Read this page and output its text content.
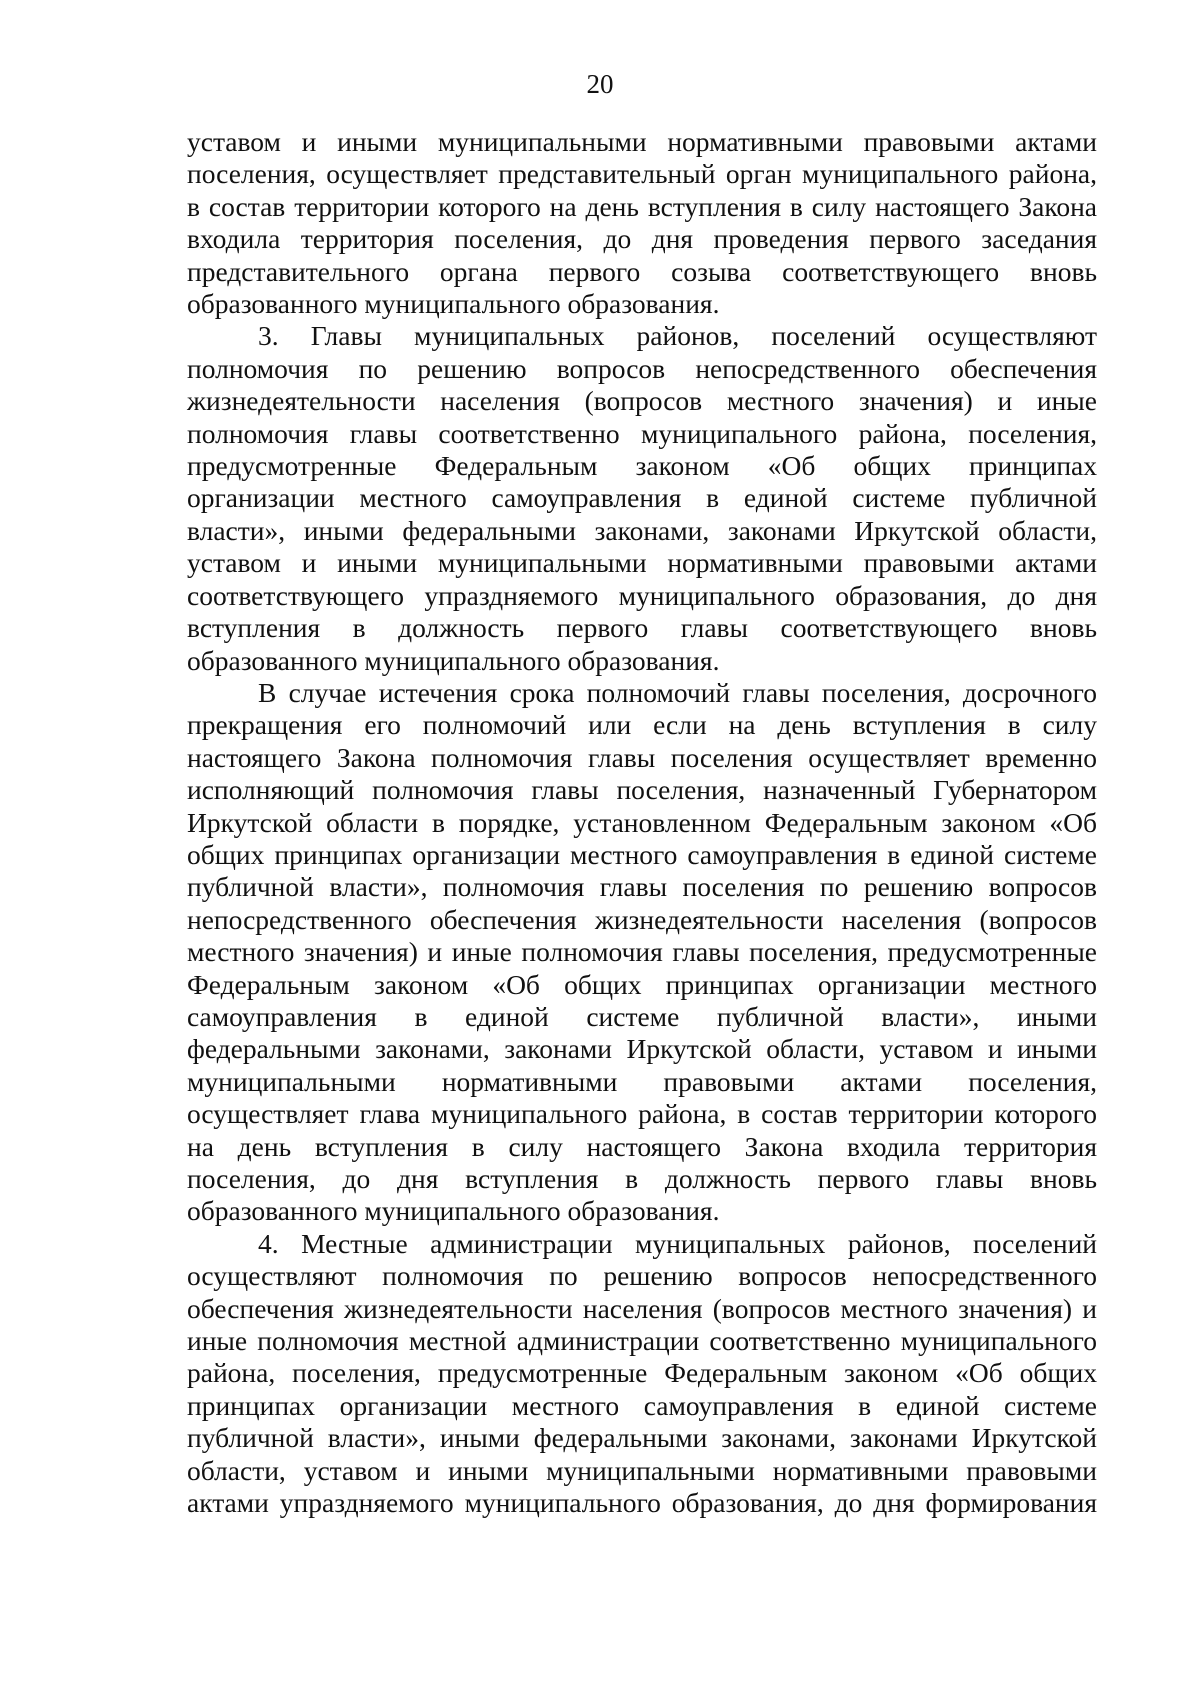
20

уставом и иными муниципальными нормативными правовыми актами
поселения, осуществляет представительный орган муниципального района,
в состав территории которого на день вступления в силу настоящего Закона
входила территория поселения, до дня проведения первого заседания
представительного органа первого созыва соответствующего вновь
образованного муниципального образования.

3. Главы муниципальных районов, поселений осуществляют
полномочия по решению вопросов непосредственного обеспечения
жизнедеятельности населения (вопросов местного значения) и иные
полномочия главы соответственно муниципального района, поселения,
предусмотренные Федеральным законом «Об общих принципах
организации местного самоуправления в единой системе публичной
власти», иными федеральными законами, законами Иркутской области,
уставом и иными муниципальными нормативными правовыми актами
соответствующего упраздняемого муниципального образования, до дня
вступления в должность первого главы соответствующего вновь
образованного муниципального образования.

В случае истечения срока полномочий главы поселения, досрочного
прекращения его полномочий или если на день вступления в силу
настоящего Закона полномочия главы поселения осуществляет временно
исполняющий полномочия главы поселения, назначенный Губернатором
Иркутской области в порядке, установленном Федеральным законом «Об
общих принципах организации местного самоуправления в единой системе
публичной власти», полномочия главы поселения по решению вопросов
непосредственного обеспечения жизнедеятельности населения (вопросов
местного значения) и иные полномочия главы поселения, предусмотренные
Федеральным законом «Об общих принципах организации местного
самоуправления в единой системе публичной власти», иными
федеральными законами, законами Иркутской области, уставом и иными
муниципальными нормативными правовыми актами поселения,
осуществляет глава муниципального района, в состав территории которого
на день вступления в силу настоящего Закона входила территория
поселения, до дня вступления в должность первого главы вновь
образованного муниципального образования.

4. Местные администрации муниципальных районов, поселений
осуществляют полномочия по решению вопросов непосредственного
обеспечения жизнедеятельности населения (вопросов местного значения) и
иные полномочия местной администрации соответственно муниципального
района, поселения, предусмотренные Федеральным законом «Об общих
принципах организации местного самоуправления в единой системе
публичной власти», иными федеральными законами, законами Иркутской
области, уставом и иными муниципальными нормативными правовыми
актами упраздняемого муниципального образования, до дня формирования
